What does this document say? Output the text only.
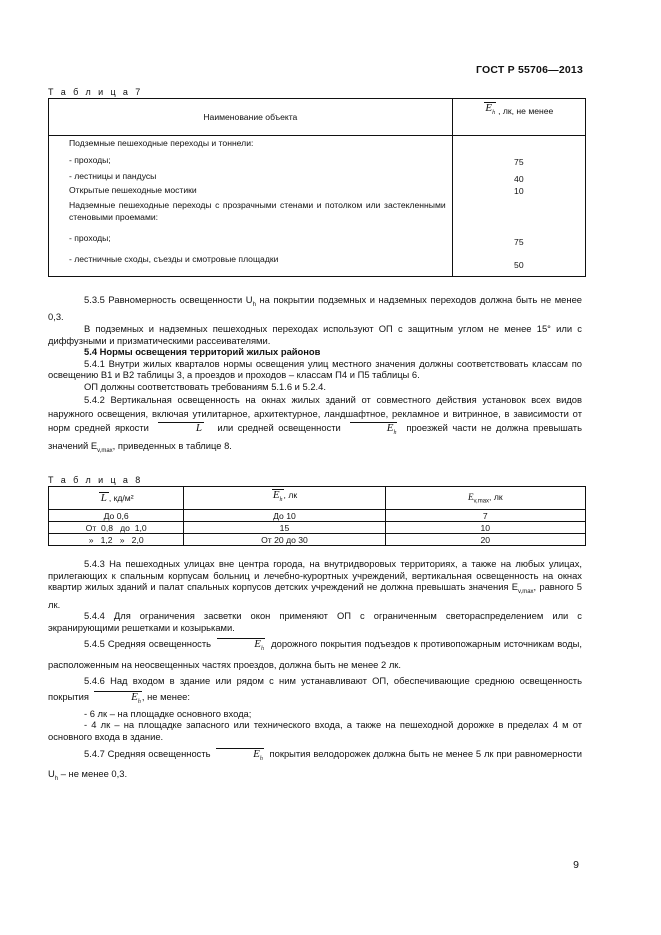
ГОСТ Р 55706—2013
Т а б л и ц а 7
Наименование объекта	$E_h$ , лк, не менее

Подземные пешеходные переходы и тоннели:	

- проходы;	75

- лестницы и пандусы	40

Открытые пешеходные мостики	10

Надземные пешеходные переходы с прозрачными стенами и потолком или застекленными стеновыми проемами:	

- проходы;	75

- лестничные сходы, съезды и смотровые площадки	50

5.3.5 Равномерность освещенности $U_h$ на покрытии подземных и надземных переходов должна быть не менее 0,3.

В подземных и надземных пешеходных переходах используют ОП с защитным углом не менее 15° или с диффузными и призматическими рассеивателями.

5.4 Нормы освещения территорий жилых районов

5.4.1 Внутри жилых кварталов нормы освещения улиц местного значения должны соответствовать классам по освещению В1 и В2 таблицы 3, а проездов и проходов – классам П4 и П5 таблицы 6.

ОП должны соответствовать требованиям 5.1.6 и 5.2.4.

5.4.2 Вертикальная освещенность на окнах жилых зданий от совместного действия установок всех видов наружного освещения, включая утилитарное, архитектурное, ландшафтное, рекламное и витринное, в зависимости от норм средней яркости	L или средней освещенности	$E_h$  проезжей части не должна превышать значений $E_{v,max}$, приведенных в таблице 8.

Т а б л и ц а 8
L , кд/м²	$E_h$, лк	$E_{v,max}$, лк
До 0,6	До 10	7
От  0,8   до  1,0	15	10
»   1,2   »   2,0	От 20 до 30	20

5.4.3 На пешеходных улицах вне центра города, на внутридворовых территориях, а также на любых улицах, прилегающих к спальным корпусам больниц и лечебно-курортных учреждений, вертикальная освещенность на окнах квартир жилых зданий и палат спальных корпусов детских учреждений не должна превышать значения $E_{v,max}$, равного 5 лк.

5.4.4 Для ограничения засветки окон применяют ОП с ограниченным светораспределением или с экранирующими решетками и козырьками.

5.4.5 Средняя освещенность	$E_h$  дорожного покрытия подъездов к противопожарным источникам воды, расположенным на неосвещенных частях проездов, должна быть не менее 2 лк.

5.4.6 Над входом в здание или рядом с ним устанавливают ОП, обеспечивающие среднюю освещенность покрытия	$E_h$, не менее:

- 6 лк – на площадке основного входа;

- 4 лк – на площадке запасного или технического входа, а также на пешеходной дорожке в пределах 4 м от основного входа в здание.

5.4.7 Средняя освещенность	$E_h$  покрытия велодорожек должна быть не менее 5 лк при равномерности $U_h$ – не менее 0,3.

9
